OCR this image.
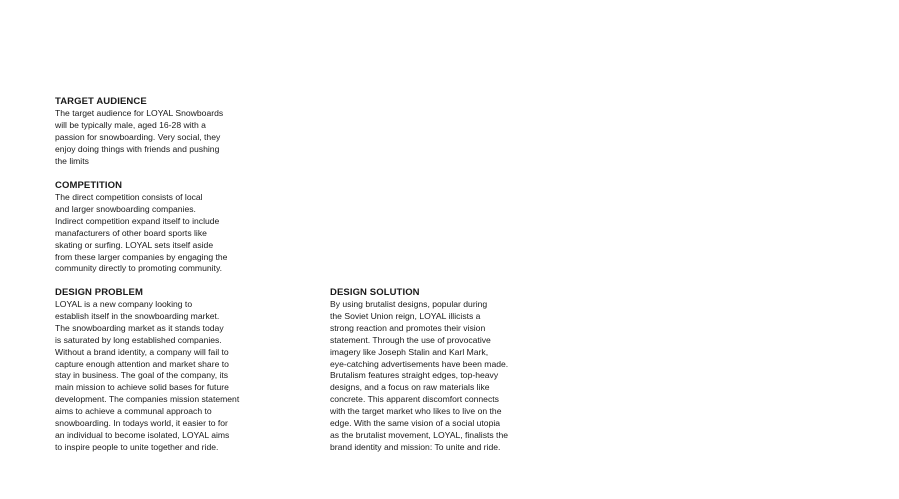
TARGET AUDIENCE

The target audience for LOYAL Snowboards
will be typically male, aged 16-28 with a
passion for snowboarding. Very social, they
enjoy doing things with friends and pushing
the limits

COMPETITION

The direct competition consists of local
and larger snowboarding companies.
Indirect competition expand itself to include
manafacturers of other board sports like
skating or surfing. LOYAL sets itself aside
from these larger companies by engaging the
community directly to promoting community.

DESIGN PROBLEM

LOYAL is a new company looking to
establish itself in the snowboarding market.
The snowboarding market as it stands today
is saturated by long established companies.
Without a brand identity, a company will fail to
capture enough attention and market share to
stay in business. The goal of the company, its
main mission to achieve solid bases for future
development. The companies mission statement
aims to achieve a communal approach to
snowboarding. In todays world, it easier to for
an individual to become isolated, LOYAL aims
to inspire people to unite together and ride.

DESIGN SOLUTION

By using brutalist designs, popular during
the Soviet Union reign, LOYAL illicists a
strong reaction and promotes their vision
statement. Through the use of provocative
imagery like Joseph Stalin and Karl Mark,
eye-catching advertisements have been made.
Brutalism features straight edges, top-heavy
designs, and a focus on raw materials like
concrete. This apparent discomfort connects
with the target market who likes to live on the
edge. With the same vision of a social utopia
as the brutalist movement, LOYAL, finalists the
brand identity and mission: To unite and ride.
